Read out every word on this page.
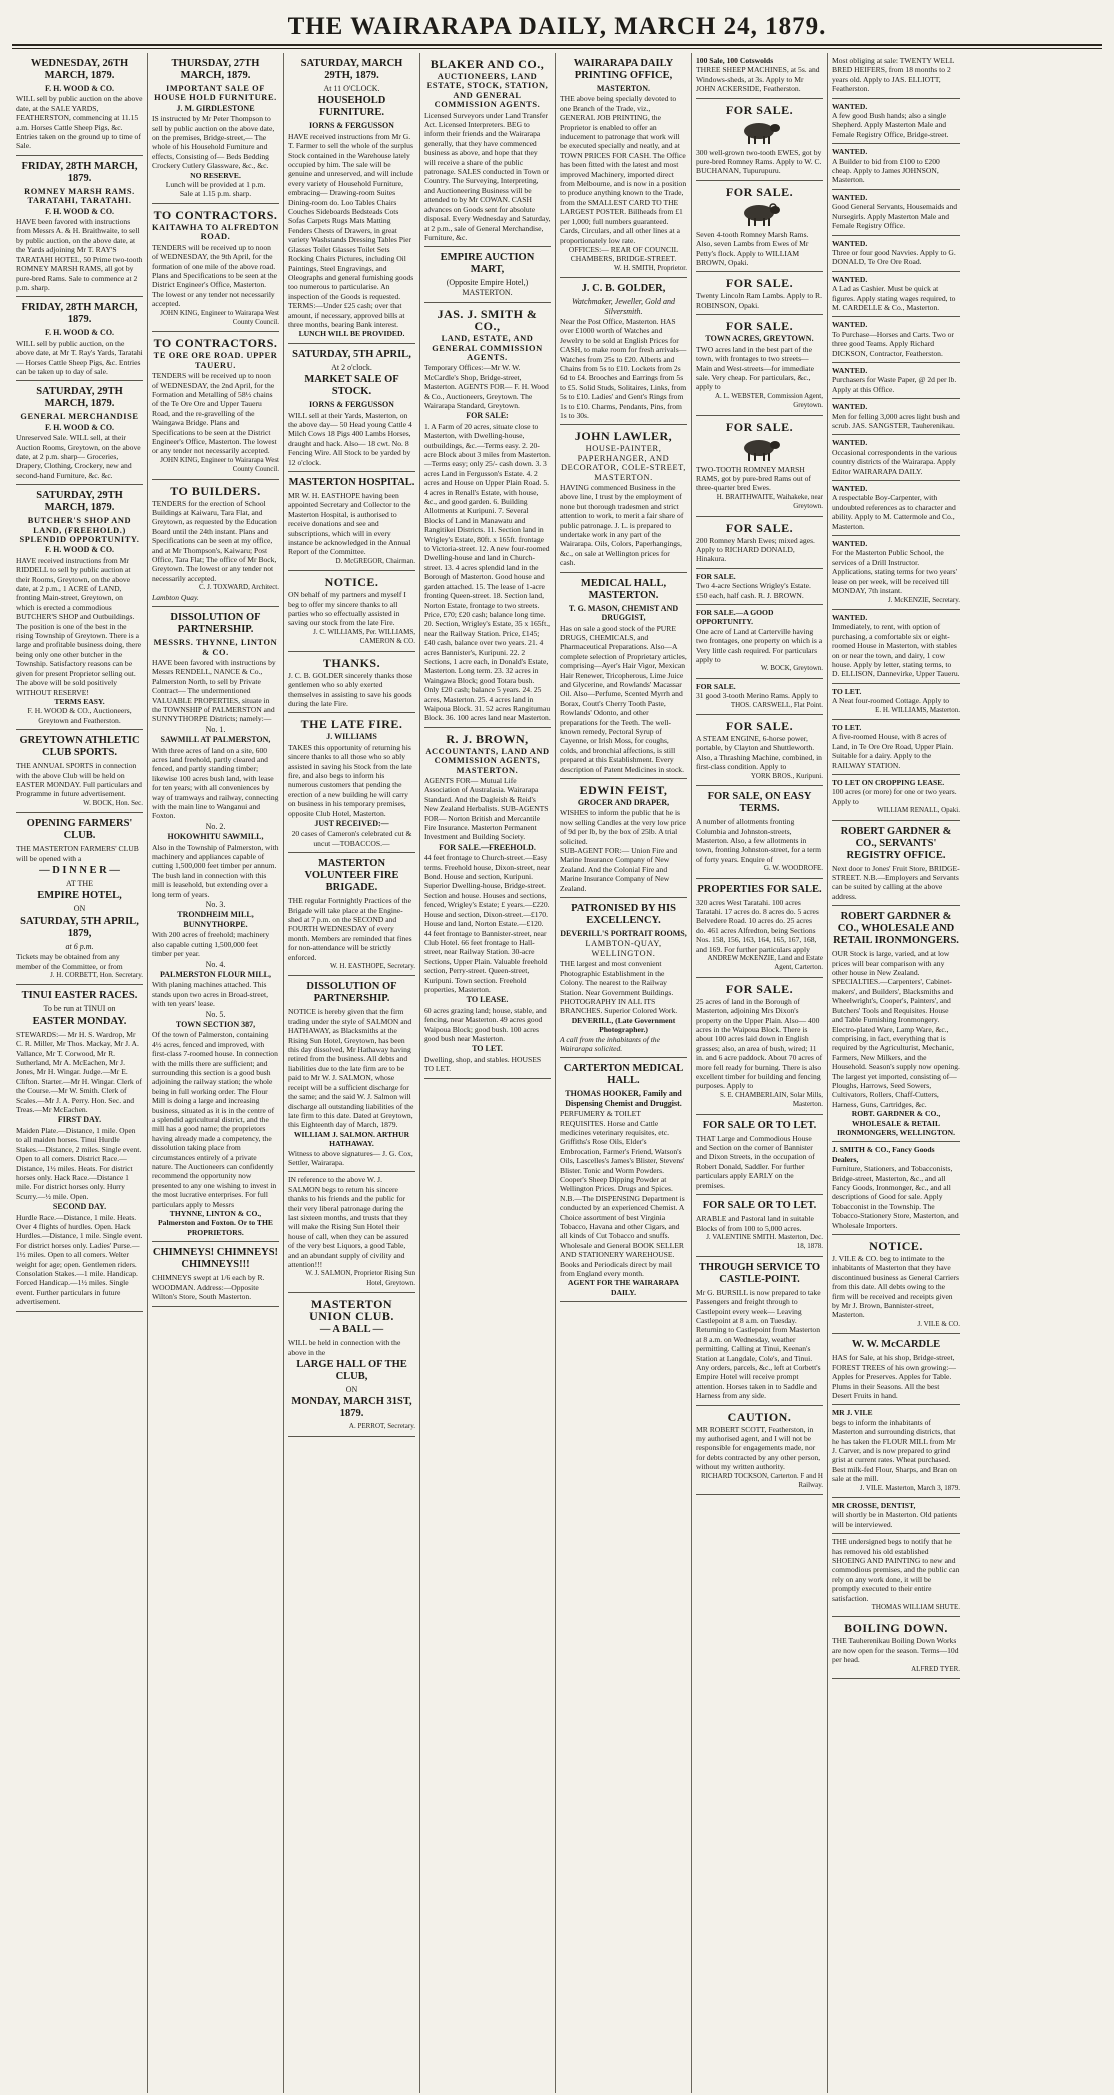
THE WAIRARAPA DAILY, MARCH 24, 1879.

WEDNESDAY, 26TH MARCH, 1879.

F. H. WOOD & CO.

WILL sell by public auction on the above date, at the SALE YARDS, FEATHERSTON, commencing at 11.15 a.m. Horses Cattle Sheep Pigs, &c. Entries taken on the ground up to time of Sale.

FRIDAY, 28TH MARCH, 1879.

ROMNEY MARSH RAMS. TARATAHI, TARATAHI.

F. H. WOOD & CO.

HAVE been favored with instructions from Messrs A. & H. Braithwaite, to sell by public auction, on the above date, at the Yards adjoining Mr T. RAY'S TARATAHI HOTEL, 50 Prime two-tooth ROMNEY MARSH RAMS, all got by pure-bred Rams. Sale to commence at 2 p.m. sharp.

FRIDAY, 28TH MARCH, 1879.

F. H. WOOD & CO.

WILL sell by public auction, on the above date, at Mr T. Ray's Yards, Taratahi— Horses Cattle Sheep Pigs, &c. Entries can be taken up to day of sale.

SATURDAY, 29TH MARCH, 1879.

GENERAL MERCHANDISE

F. H. WOOD & CO.

Unreserved Sale. WILL sell, at their Auction Rooms, Greytown, on the above date, at 2 p.m. sharp— Groceries, Drapery, Clothing, Crockery, new and second-hand Furniture, &c. &c.

SATURDAY, 29TH MARCH, 1879.

BUTCHER'S SHOP AND LAND, (FREEHOLD.) SPLENDID OPPORTUNITY.

F. H. WOOD & CO.

HAVE received instructions from Mr RIDDELL to sell by public auction at their Rooms, Greytown, on the above date, at 2 p.m., 1 ACRE of LAND, fronting Main-street, Greytown, on which is erected a commodious BUTCHER'S SHOP and Outbuildings. The position is one of the best in the rising Township of Greytown. There is a large and profitable business doing, there being only one other butcher in the Township. Satisfactory reasons can be given for present Proprietor selling out. The above will be sold positively WITHOUT RESERVE!

TERMS EASY.

F. H. WOOD & CO., Auctioneers, Greytown and Featherston.

GREYTOWN ATHLETIC CLUB SPORTS.

THE ANNUAL SPORTS in connection with the above Club will be held on EASTER MONDAY. Full particulars and Programme in future advertisement.

W. BOCK, Hon. Sec.

OPENING FARMERS' CLUB.

THE MASTERTON FARMERS' CLUB will be opened with a

— D I N N E R —

AT THE

EMPIRE HOTEL,

ON

SATURDAY, 5TH APRIL, 1879,

at 6 p.m.

Tickets may be obtained from any member of the Committee, or from

J. H. CORBETT, Hon. Secretary.

TINUI EASTER RACES.

To be run at TINUI on

EASTER MONDAY.

STEWARDS:— Mr H. S. Wardrop, Mr C. R. Miller, Mr Thos. Mackay, Mr J. A. Vallance, Mr T. Corwood, Mr R. Sutherland, Mr A. McEachen, Mr J. Jones, Mr H. Wingar. Judge.—Mr E. Clifton. Starter.—Mr H. Wingar. Clerk of the Course.—Mr W. Smith. Clerk of Scales.—Mr J. A. Perry. Hon. Sec. and Treas.—Mr McEachen.

FIRST DAY.

Maiden Plate.—Distance, 1 mile. Open to all maiden horses. Tinui Hurdle Stakes.—Distance, 2 miles. Single event. Open to all comers. District Race.—Distance, 1½ miles. Heats. For district horses only. Hack Race.—Distance 1 mile. For district horses only. Hurry Scurry.—½ mile. Open.

SECOND DAY.

Hurdle Race.—Distance, 1 mile. Heats. Over 4 flights of hurdles. Open. Hack Hurdles.—Distance, 1 mile. Single event. For district horses only. Ladies' Purse.—1½ miles. Open to all comers. Welter weight for age; open. Gentlemen riders. Consolation Stakes.—1 mile. Handicap. Forced Handicap.—1½ miles. Single event. Further particulars in future advertisement.

THURSDAY, 27TH MARCH, 1879.

IMPORTANT SALE OF HOUSE HOLD FURNITURE.

J. M. GIRDLESTONE

IS instructed by Mr Peter Thompson to sell by public auction on the above date, on the premises, Bridge-street,— The whole of his Household Furniture and effects, Consisting of— Beds Bedding Crockery Cutlery Glassware, &c., &c.

NO RESERVE.

Lunch will be provided at 1 p.m.

Sale at 1.15 p.m. sharp.

TO CONTRACTORS.

KAITAWHA TO ALFREDTON ROAD.

TENDERS will be received up to noon of WEDNESDAY, the 9th April, for the formation of one mile of the above road. Plans and Specifications to be seen at the District Engineer's Office, Masterton. The lowest or any tender not necessarily accepted.

JOHN KING, Engineer to Wairarapa West County Council.

TO CONTRACTORS.

TE ORE ORE ROAD. UPPER TAUERU.

TENDERS will be received up to noon of WEDNESDAY, the 2nd April, for the Formation and Metalling of 58½ chains of the Te Ore Ore and Upper Taueru Road, and the re-gravelling of the Waingawa Bridge. Plans and Specifications to be seen at the District Engineer's Office, Masterton. The lowest or any tender not necessarily accepted.

JOHN KING, Engineer to Wairarapa West County Council.

TO BUILDERS.

TENDERS for the erection of School Buildings at Kaiwaru, Tara Flat, and Greytown, as requested by the Education Board until the 24th instant. Plans and Specifications can be seen at my office, and at Mr Thompson's, Kaiwaru; Post Office, Tara Flat; The office of Mr Bock, Greytown. The lowest or any tender not necessarily accepted.

C. J. TOXWARD, Architect.

Lambton Quay.

DISSOLUTION OF PARTNERSHIP.

MESSRS. THYNNE, LINTON & CO.

HAVE been favored with instructions by Messrs RENDELL, NANCE & Co., Palmerston North, to sell by Private Contract— The undermentioned VALUABLE PROPERTIES, situate in the TOWNSHIP of PALMERSTON and SUNNYTHORPE Districts; namely:—

No. 1.

SAWMILL AT PALMERSTON,

With three acres of land on a site, 600 acres land freehold, partly cleared and fenced, and partly standing timber; likewise 100 acres bush land, with lease for ten years; with all conveniences by way of tramways and railway, connecting with the main line to Wanganui and Foxton.

No. 2.

HOKOWHITU SAWMILL,

Also in the Township of Palmerston, with machinery and appliances capable of cutting 1,500,000 feet timber per annum. The bush land in connection with this mill is leasehold, but extending over a long term of years.

No. 3.

TRONDHEIM MILL, BUNNYTHORPE.

With 200 acres of freehold; machinery also capable cutting 1,500,000 feet timber per year.

No. 4.

PALMERSTON FLOUR MILL,

With planing machines attached. This stands upon two acres in Broad-street, with ten years' lease.

No. 5.

TOWN SECTION 387,

Of the town of Palmerston, containing 4½ acres, fenced and improved, with first-class 7-roomed house. In connection with the mills there are sufficient; and surrounding this section is a good bush adjoining the railway station; the whole being in full working order. The Flour Mill is doing a large and increasing business, situated as it is in the centre of a splendid agricultural district, and the mill has a good name; the proprietors having already made a competency, the dissolution taking place from circumstances entirely of a private nature. The Auctioneers can confidently recommend the opportunity now presented to any one wishing to invest in the most lucrative enterprises. For full particulars apply to Messrs

THYNNE, LINTON & CO., Palmerston and Foxton. Or to THE PROPRIETORS.

CHIMNEYS! CHIMNEYS! CHIMNEYS!!!

CHIMNEYS swept at 1/6 each by R. WOODMAN. Address:—Opposite Wilton's Store, South Masterton.

SATURDAY, MARCH 29TH, 1879.

At 11 O'CLOCK.

HOUSEHOLD FURNITURE.

IORNS & FERGUSSON

HAVE received instructions from Mr G. T. Farmer to sell the whole of the surplus Stock contained in the Warehouse lately occupied by him. The sale will be genuine and unreserved, and will include every variety of Household Furniture, embracing— Drawing-room Suites Dining-room do. Loo Tables Chairs Couches Sideboards Bedsteads Cots Sofas Carpets Rugs Mats Matting Fenders Chests of Drawers, in great variety Washstands Dressing Tables Pier Glasses Toilet Glasses Toilet Sets Rocking Chairs Pictures, including Oil Paintings, Steel Engravings, and Oleographs and general furnishing goods too numerous to particularise. An inspection of the Goods is requested. TERMS:—Under £25 cash; over that amount, if necessary, approved bills at three months, bearing Bank interest.

LUNCH WILL BE PROVIDED.

SATURDAY, 5TH APRIL,

At 2 o'clock.

MARKET SALE OF STOCK.

IORNS & FERGUSSON

WILL sell at their Yards, Masterton, on the above day— 50 Head young Cattle 4 Milch Cows 18 Pigs 400 Lambs Horses, draught and hack. Also— 18 cwt. No. 8 Fencing Wire. All Stock to be yarded by 12 o'clock.

MASTERTON HOSPITAL.

MR W. H. EASTHOPE having been appointed Secretary and Collector to the Masterton Hospital, is authorised to receive donations and see and subscriptions, which will in every instance be acknowledged in the Annual Report of the Committee.

D. McGREGOR, Chairman.

NOTICE.

ON behalf of my partners and myself I beg to offer my sincere thanks to all parties who so effectually assisted in saving our stock from the late Fire.

J. C. WILLIAMS, Per. WILLIAMS, CAMERON & CO.

THANKS.

J. C. B. GOLDER sincerely thanks those gentlemen who so ably exerted themselves in assisting to save his goods during the late Fire.

THE LATE FIRE.

J. WILLIAMS

TAKES this opportunity of returning his sincere thanks to all those who so ably assisted in saving his Stock from the late fire, and also begs to inform his numerous customers that pending the erection of a new building he will carry on business in his temporary premises, opposite Club Hotel, Masterton.

JUST RECEIVED:—

20 cases of Cameron's celebrated cut & uncut —TOBACCOS.—

MASTERTON VOLUNTEER FIRE BRIGADE.

THE regular Fortnightly Practices of the Brigade will take place at the Engine-shed at 7 p.m. on the SECOND and FOURTH WEDNESDAY of every month. Members are reminded that fines for non-attendance will be strictly enforced.

W. H. EASTHOPE, Secretary.

DISSOLUTION OF PARTNERSHIP.

NOTICE is hereby given that the firm trading under the style of SALMON and HATHAWAY, as Blacksmiths at the Rising Sun Hotel, Greytown, has been this day dissolved, Mr Hathaway having retired from the business. All debts and liabilities due to the late firm are to be paid to Mr W. J. SALMON, whose receipt will be a sufficient discharge for the same; and the said W. J. Salmon will discharge all outstanding liabilities of the late firm to this date. Dated at Greytown, this Eighteenth day of March, 1879.

WILLIAM J. SALMON. ARTHUR HATHAWAY.

Witness to above signatures— J. G. Cox, Settler, Wairarapa.

IN reference to the above W. J. SALMON begs to return his sincere thanks to his friends and the public for their very liberal patronage during the last sixteen months, and trusts that they will make the Rising Sun Hotel their house of call, when they can be assured of the very best Liquors, a good Table, and an abundant supply of civility and attention!!!

W. J. SALMON, Proprietor Rising Sun Hotel, Greytown.

MASTERTON UNION CLUB.

— A BALL —

WILL be held in connection with the above in the

LARGE HALL OF THE CLUB,

ON

MONDAY, MARCH 31ST, 1879.

A. PERROT, Secretary.

BLAKER AND CO.,

AUCTIONEERS, LAND ESTATE, STOCK, STATION, AND GENERAL COMMISSION AGENTS.

Licensed Surveyors under Land Transfer Act. Licensed Interpreters. BEG to inform their friends and the Wairarapa generally, that they have commenced business as above, and hope that they will receive a share of the public patronage. SALES conducted in Town or Country. The Surveying, Interpreting, and Auctioneering Business will be attended to by Mr COWAN. CASH advances on Goods sent for absolute disposal. Every Wednesday and Saturday, at 2 p.m., sale of General Merchandise, Furniture, &c.

EMPIRE AUCTION MART,

(Opposite Empire Hotel,) MASTERTON.

JAS. J. SMITH & CO.,

LAND, ESTATE, AND GENERAL COMMISSION AGENTS.

Temporary Offices:—Mr W. W. McCardle's Shop, Bridge-street, Masterton. AGENTS FOR— F. H. Wood & Co., Auctioneers, Greytown. The Wairarapa Standard, Greytown.

FOR SALE:

1. A Farm of 20 acres, situate close to Masterton, with Dwelling-house, outbuildings, &c.—Terms easy. 2. 20-acre Block about 3 miles from Masterton.—Terms easy; only 25/- cash down. 3. 3 acres Land in Fergusson's Estate. 4. 2 acres and House on Upper Plain Road. 5. 4 acres in Renall's Estate, with house, &c., and good garden. 6. Building Allotments at Kuripuni. 7. Several Blocks of Land in Manawatu and Rangitikei Districts. 11. Section land in Wrigley's Estate, 80ft. x 165ft. frontage to Victoria-street. 12. A new four-roomed Dwelling-house and land in Church-street. 13. 4 acres splendid land in the Borough of Masterton. Good house and garden attached. 15. The lease of 1-acre fronting Queen-street. 18. Section land, Norton Estate, frontage to two streets. Price, £70; £20 cash; balance long time. 20. Section, Wrigley's Estate, 35 x 165ft., near the Railway Station. Price, £145; £40 cash, balance over two years. 21. 4 acres Bannister's, Kuripuni. 22. 2 Sections, 1 acre each, in Donald's Estate, Masterton. Long term. 23. 32 acres in Waingawa Block; good Totara bush. Only £20 cash; balance 5 years. 24. 25 acres, Masterton. 25. 4 acres land in Waipoua Block. 31. 52 acres Rangitumau Block. 36. 100 acres land near Masterton.

R. J. BROWN,

ACCOUNTANTS, LAND AND COMMISSION AGENTS, MASTERTON.

AGENTS FOR— Mutual Life Association of Australasia. Wairarapa Standard. And the Dagleish & Reid's New Zealand Herbalists. SUB-AGENTS FOR— Norton British and Mercantile Fire Insurance. Masterton Permanent Investment and Building Society.

FOR SALE.—FREEHOLD.

44 feet frontage to Church-street.—Easy terms. Freehold house, Dixon-street, near Bond. House and section, Kuripuni. Superior Dwelling-house, Bridge-street. Section and house. Houses and sections, fenced, Wrigley's Estate; £ years.—£220. House and section, Dixon-street.—£170. House and land, Norton Estate.—£120. 44 feet frontage to Bannister-street, near Club Hotel. 66 feet frontage to Hall-street, near Railway Station. 30-acre Sections, Upper Plain. Valuable freehold section, Perry-street. Queen-street, Kuripuni. Town section. Freehold properties, Masterton.

TO LEASE.

60 acres grazing land; house, stable, and fencing, near Masterton. 49 acres good Waipoua Block; good bush. 100 acres good bush near Masterton.

TO LET.

Dwelling, shop, and stables. HOUSES TO LET.

WAIRARAPA DAILY PRINTING OFFICE,

MASTERTON.

THE above being specially devoted to one Branch of the Trade, viz., GENERAL JOB PRINTING, the Proprietor is enabled to offer an inducement to patronage that work will be executed specially and neatly, and at TOWN PRICES FOR CASH. The Office has been fitted with the latest and most improved Machinery, imported direct from Melbourne, and is now in a position to produce anything known to the Trade, from the SMALLEST CARD TO THE LARGEST POSTER. Billheads from £1 per 1,000; full numbers guaranteed. Cards, Circulars, and all other lines at a proportionately low rate.

OFFICES:— REAR OF COUNCIL CHAMBERS, BRIDGE-STREET.

W. H. SMITH, Proprietor.

J. C. B. GOLDER,

Watchmaker, Jeweller, Gold and Silversmith.

Near the Post Office, Masterton. HAS over £1000 worth of Watches and Jewelry to be sold at English Prices for CASH, to make room for fresh arrivals— Watches from 25s to £20. Alberts and Chains from 5s to £10. Lockets from 2s 6d to £4. Brooches and Earrings from 5s to £5. Solid Studs, Solitaires, Links, from 5s to £10. Ladies' and Gent's Rings from 1s to £10. Charms, Pendants, Pins, from 1s to 30s.

JOHN LAWLER,

HOUSE-PAINTER, PAPERHANGER, AND DECORATOR, COLE-STREET, MASTERTON.

HAVING commenced Business in the above line, I trust by the employment of none but thorough tradesmen and strict attention to work, to merit a fair share of public patronage. J. L. is prepared to undertake work in any part of the Wairarapa. Oils, Colors, Paperhangings, &c., on sale at Wellington prices for cash.

MEDICAL HALL, MASTERTON.

T. G. MASON, CHEMIST AND DRUGGIST,

Has on sale a good stock of the PURE DRUGS, CHEMICALS, and Pharmaceutical Preparations. Also—A complete selection of Proprietary articles, comprising—Ayer's Hair Vigor, Mexican Hair Renewer, Tricopherous, Lime Juice and Glycerine, and Rowlands' Macassar Oil. Also—Perfume, Scented Myrrh and Borax, Coutt's Cherry Tooth Paste, Rowlands' Odonto, and other preparations for the Teeth. The well-known remedy, Pectoral Syrup of Cayenne, or Irish Moss, for coughs, colds, and bronchial affections, is still prepared at this Establishment. Every description of Patent Medicines in stock.

EDWIN FEIST,

GROCER AND DRAPER,

WISHES to inform the public that he is now selling Candles at the very low price of 9d per lb, by the box of 25lb. A trial solicited.

SUB-AGENT FOR:— Union Fire and Marine Insurance Company of New Zealand. And the Colonial Fire and Marine Insurance Company of New Zealand.

PATRONISED BY HIS EXCELLENCY.

DEVERILL'S PORTRAIT ROOMS,

LAMBTON-QUAY, WELLINGTON.

THE largest and most convenient Photographic Establishment in the Colony. The nearest to the Railway Station. Near Government Buildings. PHOTOGRAPHY IN ALL ITS BRANCHES. Superior Colored Work.

DEVERILL, (Late Government Photographer.)

A call from the inhabitants of the Wairarapa solicited.

CARTERTON MEDICAL HALL.

THOMAS HOOKER, Family and Dispensing Chemist and Druggist.

PERFUMERY & TOILET REQUISITES. Horse and Cattle medicines veterinary requisites, etc. Griffiths's Rose Oils, Elder's Embrocation, Farmer's Friend, Watson's Oils, Lascelles's James's Blister, Stevens' Blister. Tonic and Worm Powders. Cooper's Sheep Dipping Powder at Wellington Prices. Drugs and Spices. N.B.—The DISPENSING Department is conducted by an experienced Chemist. A Choice assortment of best Virginia Tobacco, Havana and other Cigars, and all kinds of Cut Tobacco and snuffs. Wholesale and General BOOK SELLER AND STATIONERY WAREHOUSE. Books and Periodicals direct by mail from England every month.

AGENT FOR THE WAIRARAPA DAILY.

100 Sale, 100 Cotswolds

THREE SHEEP MACHINES, at 5s. and Windows-sheds, at 3s. Apply to Mr JOHN ACKERSIDE, Featherston.

FOR SALE.

300 well-grown two-tooth EWES, got by pure-bred Romney Rams. Apply to W. C. BUCHANAN, Tupurupuru.

FOR SALE.

Seven 4-tooth Romney Marsh Rams. Also, seven Lambs from Ewes of Mr Petty's flock. Apply to WILLIAM BROWN, Opaki.

FOR SALE.

Twenty Lincoln Ram Lambs. Apply to R. ROBINSON, Opaki.

FOR SALE.

TOWN ACRES, GREYTOWN.

TWO acres land in the best part of the town, with frontages to two streets—Main and West-streets—for immediate sale. Very cheap. For particulars, &c., apply to

A. L. WEBSTER, Commission Agent, Greytown.

FOR SALE.

TWO-TOOTH ROMNEY MARSH RAMS, got by pure-bred Rams out of three-quarter bred Ewes.

H. BRAITHWAITE, Waihakeke, near Greytown.

FOR SALE.

200 Romney Marsh Ewes; mixed ages. Apply to RICHARD DONALD, Hinakura.

FOR SALE.

Two 4-acre Sections Wrigley's Estate. £50 each, half cash. R. J. BROWN.

FOR SALE.—A GOOD OPPORTUNITY.

One acre of Land at Carterville having two frontages, one property on which is a Very little cash required. For particulars apply to

W. BOCK, Greytown.

FOR SALE.

31 good 3-tooth Merino Rams. Apply to

THOS. CARSWELL, Flat Point.

FOR SALE.

A STEAM ENGINE, 6-horse power, portable, by Clayton and Shuttleworth. Also, a Thrashing Machine, combined, in first-class condition. Apply to

YORK BROS., Kuripuni.

FOR SALE, ON EASY TERMS.

A number of allotments fronting Columbia and Johnston-streets, Masterton. Also, a few allotments in town, fronting Johnston-street, for a term of forty years. Enquire of

G. W. WOODROFE.

PROPERTIES FOR SALE.

320 acres West Taratahi. 100 acres Taratahi. 17 acres do. 8 acres do. 5 acres Belvedere Road. 10 acres do. 25 acres do. 461 acres Alfredton, being Sections Nos. 158, 156, 163, 164, 165, 167, 168, and 169. For further particulars apply

ANDREW McKENZIE, Land and Estate Agent, Carterton.

FOR SALE.

25 acres of land in the Borough of Masterton, adjoining Mrs Dixon's property on the Upper Plain. Also— 400 acres in the Waipoua Block. There is about 100 acres laid down in English grasses; also, an area of bush, wired; 11 in. and 6 acre paddock. About 70 acres of more fell ready for burning. There is also excellent timber for building and fencing purposes. Apply to

S. E. CHAMBERLAIN, Solar Mills, Masterton.

FOR SALE OR TO LET.

THAT Large and Commodious House and Section on the corner of Bannister and Dixon Streets, in the occupation of Robert Donald, Saddler. For further particulars apply EARLY on the premises.

FOR SALE OR TO LET.

ARABLE and Pastoral land in suitable Blocks of from 100 to 5,000 acres.

J. VALENTINE SMITH. Masterton, Dec. 18, 1878.

THROUGH SERVICE TO CASTLE-POINT.

Mr G. BURSILL is now prepared to take Passengers and freight through to Castlepoint every week— Leaving Castlepoint at 8 a.m. on Tuesday. Returning to Castlepoint from Masterton at 8 a.m. on Wednesday, weather permitting. Calling at Tinui, Keenan's Station at Langdale, Cole's, and Tinui. Any orders, parcels, &c., left at Corbett's Empire Hotel will receive prompt attention. Horses taken in to Saddle and Harness from any side.

CAUTION.

MR ROBERT SCOTT, Featherston, in my authorised agent, and I will not be responsible for engagements made, nor for debts contracted by any other person, without my written authority.

RICHARD TOCKSON, Carterton. F and H Railway.

Most obliging at sale: TWENTY WELL BRED HEIFERS, from 18 months to 2 years old. Apply to JAS. ELLIOTT, Featherston.

WANTED.

A few good Bush hands; also a single Shepherd. Apply Masterton Male and Female Registry Office, Bridge-street.

WANTED.

A Builder to bid from £100 to £200 cheap. Apply to James JOHNSON, Masterton.

WANTED.

Good General Servants, Housemaids and Nursegirls. Apply Masterton Male and Female Registry Office.

WANTED.

Three or four good Navvies. Apply to G. DONALD, Te Ore Ore Road.

WANTED.

A Lad as Cashier. Must be quick at figures. Apply stating wages required, to M. CARDELLE & Co., Masterton.

WANTED.

To Purchase—Horses and Carts. Two or three good Teams. Apply Richard DICKSON, Contractor, Featherston.

WANTED.

Purchasers for Waste Paper, @ 2d per lb. Apply at this Office.

WANTED.

Men for felling 3,000 acres light bush and scrub. JAS. SANGSTER, Tauherenikau.

WANTED.

Occasional correspondents in the various country districts of the Wairarapa. Apply Editor WAIRARAPA DAILY.

WANTED.

A respectable Boy-Carpenter, with undoubted references as to character and ability. Apply to M. Cattermole and Co., Masterton.

WANTED.

For the Masterton Public School, the services of a Drill Instructor. Applications, stating terms for two years' lease on per week, will be received till MONDAY, 7th instant.

J. McKENZIE, Secretary.

WANTED.

Immediately, to rent, with option of purchasing, a comfortable six or eight-roomed House in Masterton, with stables on or near the town, and dairy, 1 cow house. Apply by letter, stating terms, to D. ELLISON, Dannevirke, Upper Taueru.

TO LET.

A Neat four-roomed Cottage. Apply to

E. H. WILLIAMS, Masterton.

TO LET.

A five-roomed House, with 8 acres of Land, in Te Ore Ore Road, Upper Plain. Suitable for a dairy. Apply to the RAILWAY STATION.

TO LET ON CROPPING LEASE.

100 acres (or more) for one or two years. Apply to

WILLIAM RENALL, Opaki.

ROBERT GARDNER & CO., SERVANTS' REGISTRY OFFICE.

Next door to Jones' Fruit Store, BRIDGE-STREET. N.B.—Employers and Servants can be suited by calling at the above address.

ROBERT GARDNER & CO., WHOLESALE AND RETAIL IRONMONGERS.

OUR Stock is large, varied, and at low prices will bear comparison with any other house in New Zealand. SPECIALTIES.—Carpenters', Cabinet-makers', and Builders', Blacksmiths and Wheelwright's, Cooper's, Painters', and Butchers' Tools and Requisites. House and Table Furnishing Ironmongery. Electro-plated Ware, Lamp Ware, &c., comprising, in fact, everything that is required by the Agriculturist, Mechanic, Farmers, New Milkers, and the Household. Season's supply now opening. The largest yet imported, consisting of—Ploughs, Harrows, Seed Sowers, Cultivators, Rollers, Chaff-Cutters, Harness, Guns, Cartridges, &c.

ROBT. GARDNER & CO., WHOLESALE & RETAIL IRONMONGERS, WELLINGTON.

J. SMITH & CO., Fancy Goods Dealers,

Furniture, Stationers, and Tobacconists, Bridge-street, Masterton, &c., and all Fancy Goods, Ironmonger, &c., and all descriptions of Good for sale. Apply Tobacconist in the Township. The Tobacco-Stationery Store, Masterton, and Wholesale Importers.

NOTICE.

J. VILE & CO. beg to intimate to the inhabitants of Masterton that they have discontinued business as General Carriers from this date. All debts owing to the firm will be received and receipts given by Mr J. Brown, Bannister-street, Masterton.

J. VILE & CO.

W. W. McCARDLE

HAS for Sale, at his shop, Bridge-street, FOREST TREES of his own growing:— Apples for Preserves. Apples for Table. Plums in their Seasons. All the best Desert Fruits in hand.

MR J. VILE

begs to inform the inhabitants of Masterton and surrounding districts, that he has taken the FLOUR MILL from Mr J. Carver, and is now prepared to grind grist at current rates. Wheat purchased. Best milk-fed Flour, Sharps, and Bran on sale at the mill.

J. VILE. Masterton, March 3, 1879.

MR CROSSE, DENTIST,

will shortly be in Masterton. Old patients will be interviewed.

THE undersigned begs to notify that he has removed his old established SHOEING AND PAINTING to new and commodious premises, and the public can rely on any work done, it will be promptly executed to their entire satisfaction.

THOMAS WILLIAM SHUTE.

BOILING DOWN.

THE Tauherenikau Boiling Down Works are now open for the season. Terms—10d per head.

ALFRED TYER.
